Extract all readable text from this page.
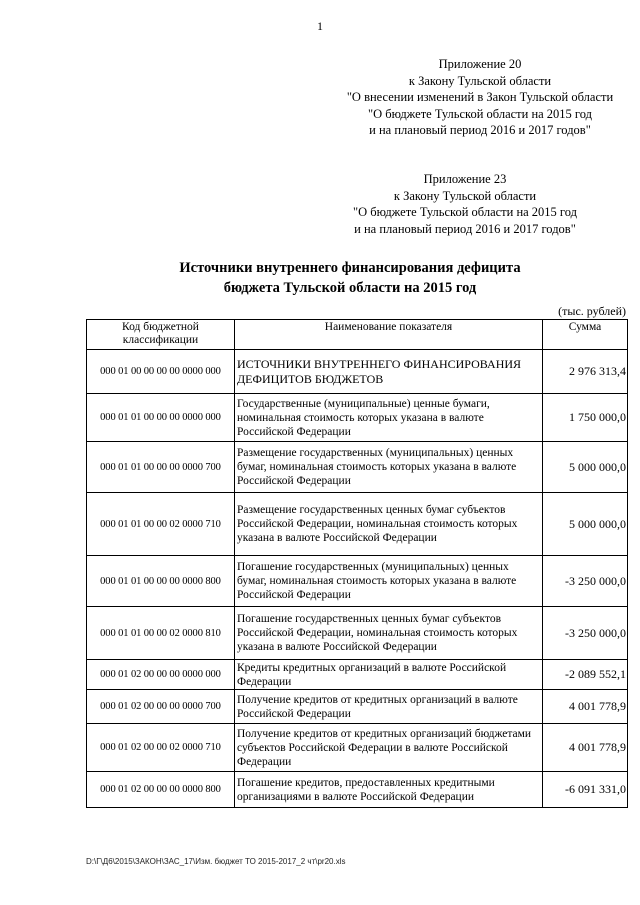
1
Приложение 20
к Закону Тульской области
"О внесении изменений в Закон Тульской области
"О бюджете Тульской области на 2015 год
и на плановый период 2016 и 2017 годов"
Приложение 23
к Закону Тульской области
"О бюджете Тульской области на 2015 год
и на плановый период 2016 и 2017 годов"
Источники внутреннего финансирования дефицита
бюджета Тульской области на 2015 год
(тыс. рублей)
Код бюджетной классификации	Наименование показателя	Сумма
000 01 00 00 00 00 0000 000	ИСТОЧНИКИ ВНУТРЕННЕГО ФИНАНСИРОВАНИЯ ДЕФИЦИТОВ БЮДЖЕТОВ	2 976 313,4
000 01 01 00 00 00 0000 000	Государственные (муниципальные) ценные бумаги, номинальная стоимость которых указана в валюте Российской Федерации	1 750 000,0
000 01 01 00 00 00 0000 700	Размещение государственных (муниципальных) ценных бумаг, номинальная стоимость которых указана в валюте Российской Федерации	5 000 000,0
000 01 01 00 00 02 0000 710	Размещение государственных ценных бумаг субъектов Российской Федерации, номинальная стоимость которых указана в валюте Российской Федерации	5 000 000,0
000 01 01 00 00 00 0000 800	Погашение государственных (муниципальных) ценных бумаг, номинальная стоимость которых указана в валюте Российской Федерации	-3 250 000,0
000 01 01 00 00 02 0000 810	Погашение государственных ценных бумаг субъектов Российской Федерации, номинальная стоимость которых указана в валюте Российской Федерации	-3 250 000,0
000 01 02 00 00 00 0000 000	Кредиты кредитных организаций в валюте Российской Федерации	-2 089 552,1
000 01 02 00 00 00 0000 700	Получение кредитов от кредитных организаций в валюте Российской Федерации	4 001 778,9
000 01 02 00 00 02 0000 710	Получение кредитов от кредитных организаций бюджетами субъектов Российской Федерации в валюте Российской Федерации	4 001 778,9
000 01 02 00 00 00 0000 800	Погашение кредитов, предоставленных кредитными организациями в валюте Российской Федерации	-6 091 331,0
D:\Г\Д6\2015\ЗАКОН\ЗАС_17\Изм. бюджет ТО 2015-2017_2 чт\pr20.xls
